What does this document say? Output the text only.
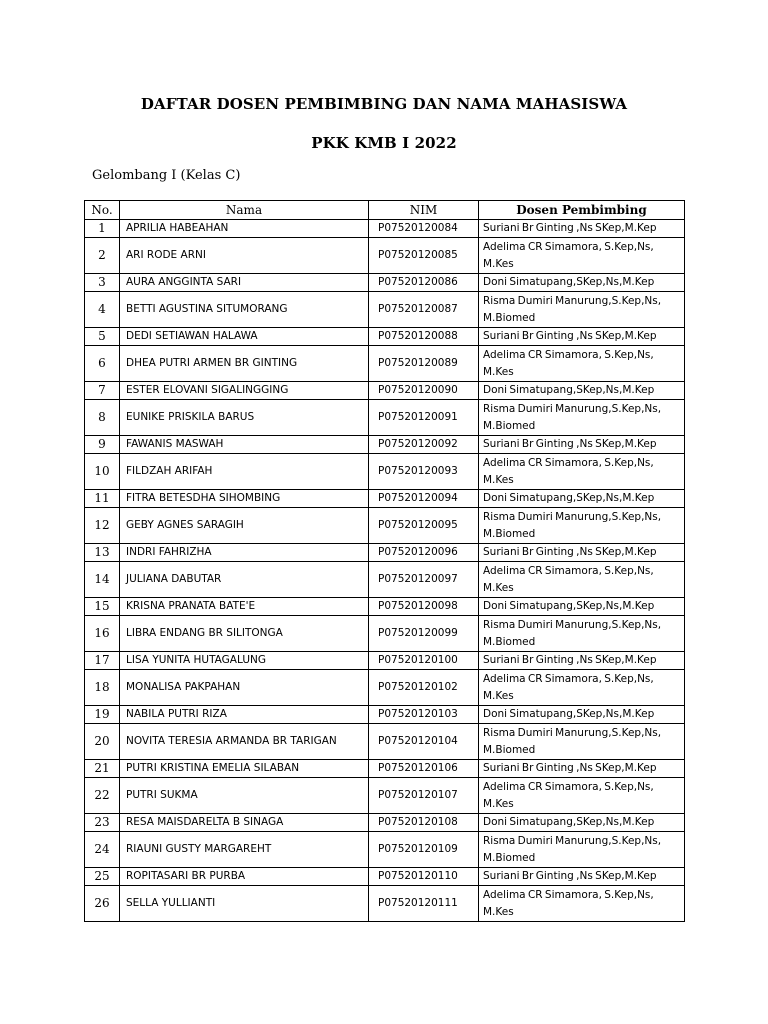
DAFTAR DOSEN PEMBIMBING DAN NAMA MAHASISWA
PKK KMB I 2022
Gelombang I (Kelas C)
No.	Nama	NIM	Dosen Pembimbing
1	APRILIA HABEAHAN	P07520120084	Suriani Br Ginting ,Ns SKep,M.Kep
2	ARI RODE ARNI	P07520120085	Adelima CR Simamora, S.Kep,Ns, M.Kes
3	AURA ANGGINTA SARI	P07520120086	Doni Simatupang,SKep,Ns,M.Kep
4	BETTI AGUSTINA SITUMORANG	P07520120087	Risma Dumiri Manurung,S.Kep,Ns, M.Biomed
5	DEDI SETIAWAN HALAWA	P07520120088	Suriani Br Ginting ,Ns SKep,M.Kep
6	DHEA PUTRI ARMEN BR GINTING	P07520120089	Adelima CR Simamora, S.Kep,Ns, M.Kes
7	ESTER ELOVANI SIGALINGGING	P07520120090	Doni Simatupang,SKep,Ns,M.Kep
8	EUNIKE PRISKILA BARUS	P07520120091	Risma Dumiri Manurung,S.Kep,Ns, M.Biomed
9	FAWANIS MASWAH	P07520120092	Suriani Br Ginting ,Ns SKep,M.Kep
10	FILDZAH ARIFAH	P07520120093	Adelima CR Simamora, S.Kep,Ns, M.Kes
11	FITRA BETESDHA SIHOMBING	P07520120094	Doni Simatupang,SKep,Ns,M.Kep
12	GEBY AGNES SARAGIH	P07520120095	Risma Dumiri Manurung,S.Kep,Ns, M.Biomed
13	INDRI FAHRIZHA	P07520120096	Suriani Br Ginting ,Ns SKep,M.Kep
14	JULIANA DABUTAR	P07520120097	Adelima CR Simamora, S.Kep,Ns, M.Kes
15	KRISNA PRANATA BATE'E	P07520120098	Doni Simatupang,SKep,Ns,M.Kep
16	LIBRA ENDANG BR SILITONGA	P07520120099	Risma Dumiri Manurung,S.Kep,Ns, M.Biomed
17	LISA YUNITA HUTAGALUNG	P07520120100	Suriani Br Ginting ,Ns SKep,M.Kep
18	MONALISA PAKPAHAN	P07520120102	Adelima CR Simamora, S.Kep,Ns, M.Kes
19	NABILA PUTRI RIZA	P07520120103	Doni Simatupang,SKep,Ns,M.Kep
20	NOVITA TERESIA ARMANDA BR TARIGAN	P07520120104	Risma Dumiri Manurung,S.Kep,Ns, M.Biomed
21	PUTRI KRISTINA EMELIA SILABAN	P07520120106	Suriani Br Ginting ,Ns SKep,M.Kep
22	PUTRI SUKMA	P07520120107	Adelima CR Simamora, S.Kep,Ns, M.Kes
23	RESA MAISDARELTA B SINAGA	P07520120108	Doni Simatupang,SKep,Ns,M.Kep
24	RIAUNI GUSTY MARGAREHT	P07520120109	Risma Dumiri Manurung,S.Kep,Ns, M.Biomed
25	ROPITASARI BR PURBA	P07520120110	Suriani Br Ginting ,Ns SKep,M.Kep
26	SELLA YULLIANTI	P07520120111	Adelima CR Simamora, S.Kep,Ns, M.Kes
